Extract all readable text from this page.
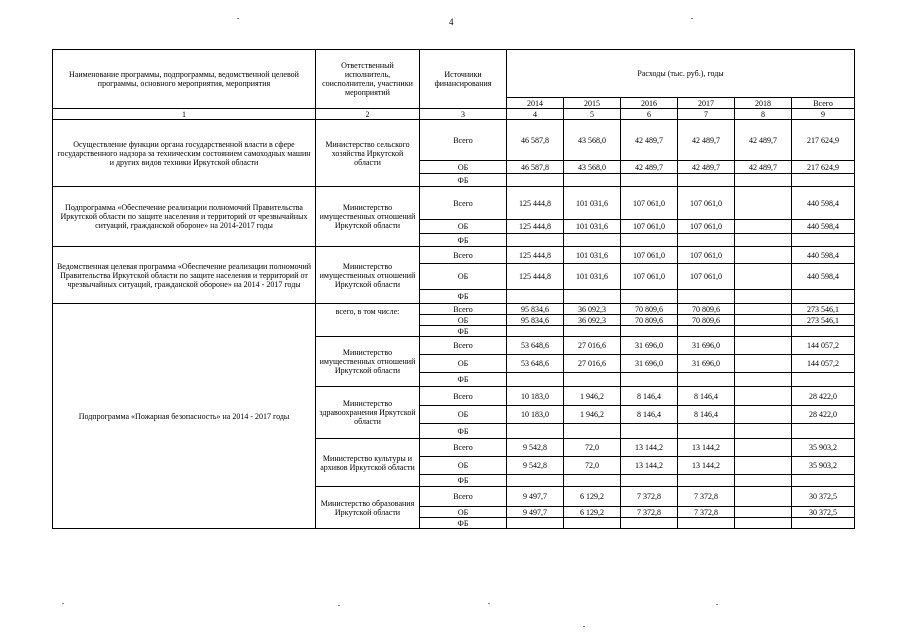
4
Наименование программы, подпрограммы, ведомственной целевой программы, основного мероприятия, мероприятия	Ответственный исполнитель, соисполнители, участники мероприятий	Источники финансирования	Расходы (тыс. руб.), годы					
			2014	2015	2016	2017	2018	Всего
1	2	3	4	5	6	7	8	9
Осуществление функции органа государственной власти в сфере государственного надзора за техническим состоянием самоходных машин и других видов техники Иркутской области	Министерство сельского хозяйства Иркутской области	Всего	46 587,8	43 568,0	42 489,7	42 489,7	42 489,7	217 624,9
		ОБ	46 587,8	43 568,0	42 489,7	42 489,7	42 489,7	217 624,9
		ФБ						
Подпрограмма «Обеспечение реализации полномочий Правительства Иркутской области по защите населения и территорий от чрезвычайных ситуаций, гражданской обороне» на 2014-2017 годы	Министерство имущественных отношений Иркутской области	Всего	125 444,8	101 031,6	107 061,0	107 061,0		440 598,4
		ОБ	125 444,8	101 031,6	107 061,0	107 061,0		440 598,4
		ФБ						
Ведомственная целевая программа «Обеспечение реализации полномочий Правительства Иркутской области по защите населения и территорий от чрезвычайных ситуаций, гражданской обороне» на 2014 - 2017 годы	Министерство имущественных отношений Иркутской области	Всего	125 444,8	101 031,6	107 061,0	107 061,0		440 598,4
		ОБ	125 444,8	101 031,6	107 061,0	107 061,0		440 598,4
		ФБ						
Подпрограмма «Пожарная безопасность» на 2014 - 2017 годы	всего, в том числе:	Всего	95 834,6	36 092,3	70 809,6	70 809,6		273 546,1
		ОБ	95 834,6	36 092,3	70 809,6	70 809,6		273 546,1
		ФБ						
	Министерство имущественных отношений Иркутской области	Всего	53 648,6	27 016,6	31 696,0	31 696,0		144 057,2
		ОБ	53 648,6	27 016,6	31 696,0	31 696,0		144 057,2
		ФБ						
	Министерство здравоохранения Иркутской области	Всего	10 183,0	1 946,2	8 146,4	8 146,4		28 422,0
		ОБ	10 183,0	1 946,2	8 146,4	8 146,4		28 422,0
		ФБ						
	Министерство культуры и архивов Иркутской области	Всего	9 542,8	72,0	13 144,2	13 144,2		35 903,2
		ОБ	9 542,8	72,0	13 144,2	13 144,2		35 903,2
		ФБ						
	Министерство образования Иркутской области	Всего	9 497,7	6 129,2	7 372,8	7 372,8		30 372,5
		ОБ	9 497,7	6 129,2	7 372,8	7 372,8		30 372,5
		ФБ						
